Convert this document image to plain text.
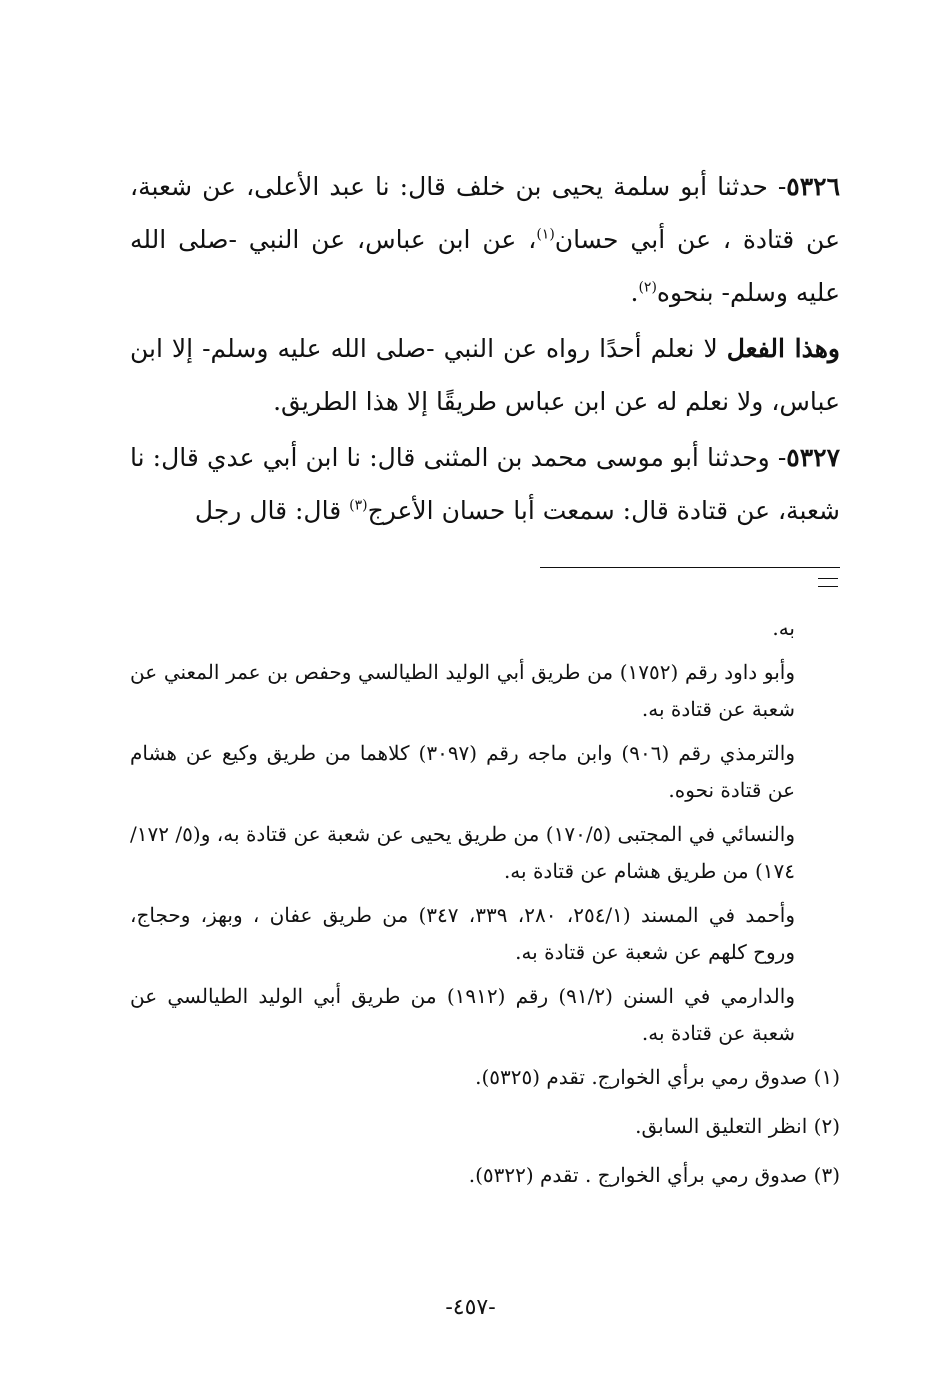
٥٣٢٦- حدثنا أبو سلمة يحيى بن خلف قال: نا عبد الأعلى، عن شعبة، عن قتادة ، عن أبي حسان$^{(١)}$، عن ابن عباس، عن النبي -صلى الله عليه وسلم- بنحوه$^{(٢)}$.

وهذا الفعل لا نعلم أحدًا رواه عن النبي -صلى الله عليه وسلم- إلا ابن عباس، ولا نعلم له عن ابن عباس طريقًا إلا هذا الطريق.

٥٣٢٧- وحدثنا أبو موسى محمد بن المثنى قال: نا ابن أبي عدي قال: نا شعبة، عن قتادة قال: سمعت أبا حسان الأعرج$^{(٣)}$ قال: قال رجل

به.

وأبو داود رقم (١٧٥٢) من طريق أبي الوليد الطيالسي وحفص بن عمر المعني عن شعبة عن قتادة به.

والترمذي رقم (٩٠٦) وابن ماجه رقم (٣٠٩٧) كلاهما من طريق وكيع عن هشام عن قتادة نحوه.

والنسائي في المجتبى (١٧٠/٥) من طريق يحيى عن شعبة عن قتادة به، و(٥/ ١٧٢/ ١٧٤) من طريق هشام عن قتادة به.

وأحمد في المسند (٢٥٤/١، ٢٨٠، ٣٣٩، ٣٤٧) من طريق عفان ، وبهز، وحجاج، وروح كلهم عن شعبة عن قتادة به.

والدارمي في السنن (٩١/٢) رقم (١٩١٢) من طريق أبي الوليد الطيالسي عن شعبة عن قتادة به.

(١) صدوق رمي برأي الخوارج. تقدم (٥٣٢٥).

(٢) انظر التعليق السابق.

(٣) صدوق رمي برأي الخوارج . تقدم (٥٣٢٢).

-٤٥٧-
